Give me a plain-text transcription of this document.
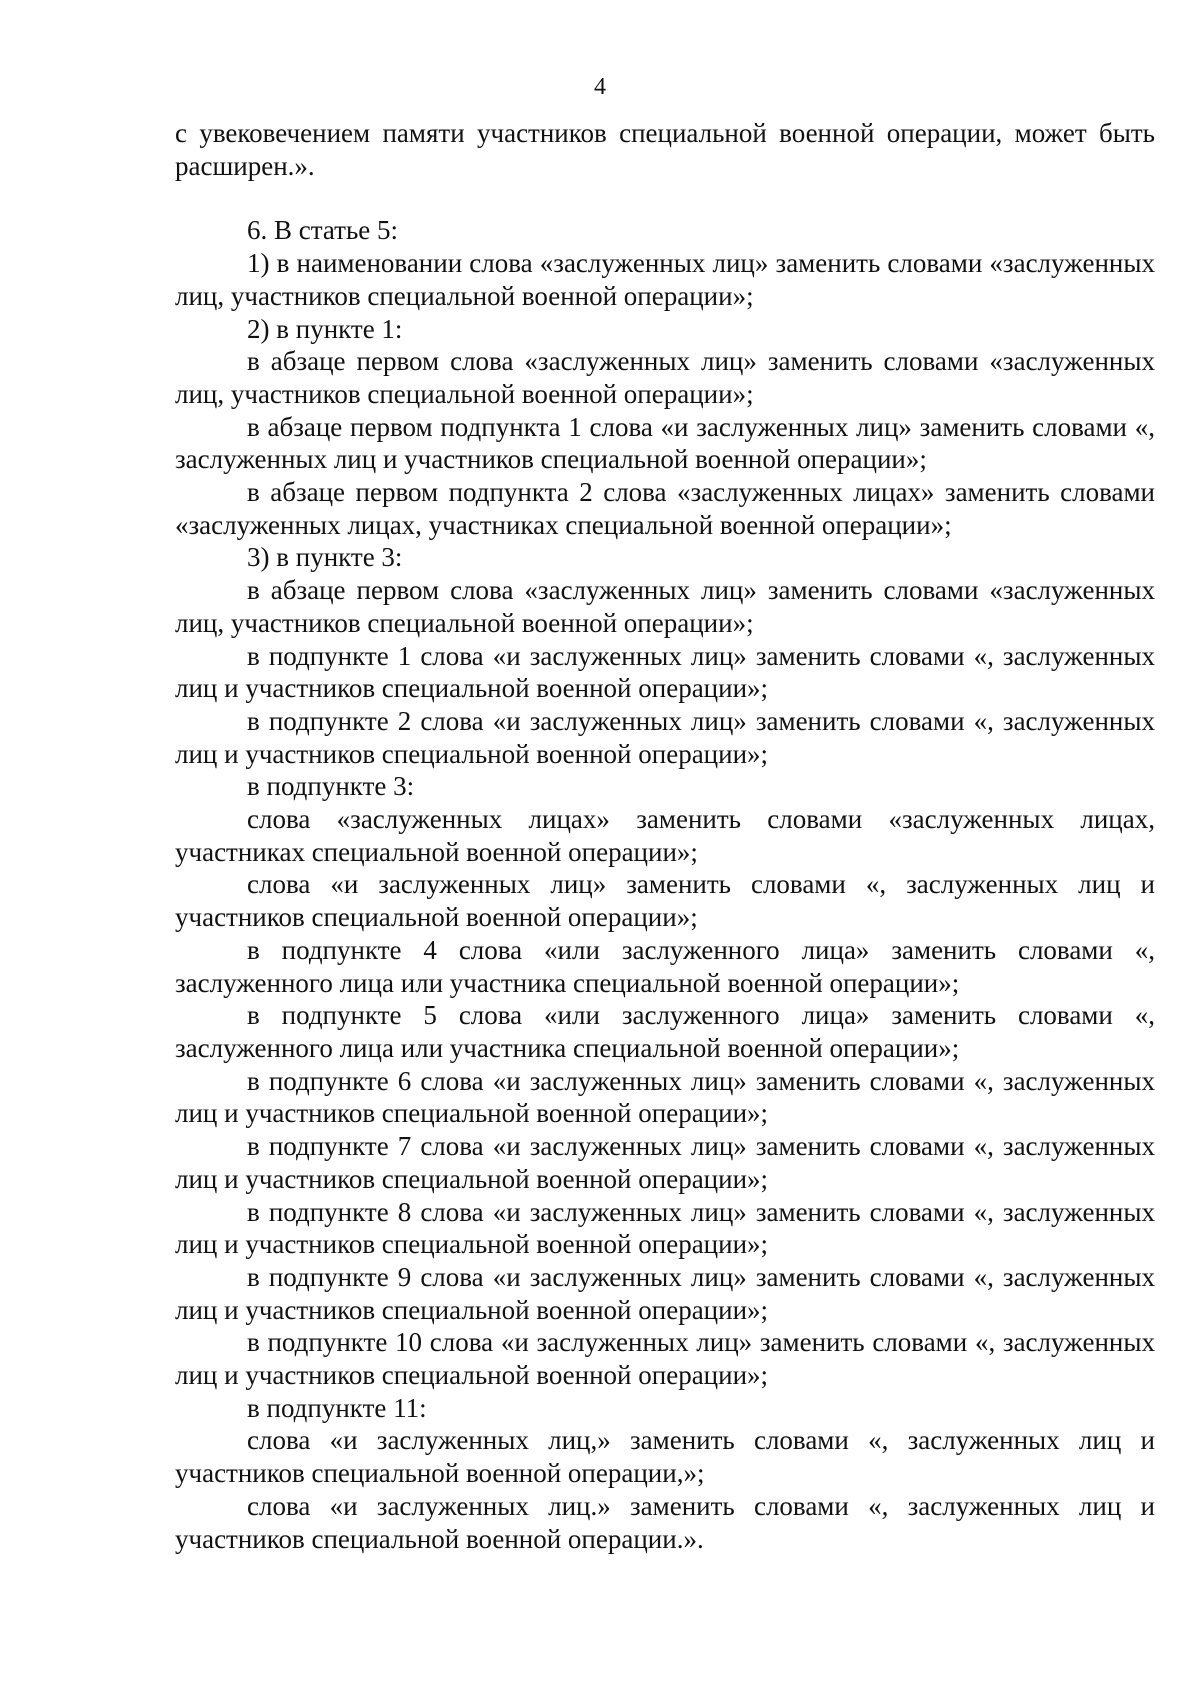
4

с увековечением памяти участников специальной военной операции, может быть расширен.».

6. В статье 5:

1) в наименовании слова «заслуженных лиц» заменить словами «заслуженных лиц, участников специальной военной операции»;

2) в пункте 1:

в абзаце первом слова «заслуженных лиц» заменить словами «заслуженных лиц, участников специальной военной операции»;

в абзаце первом подпункта 1 слова «и заслуженных лиц» заменить словами «, заслуженных лиц и участников специальной военной операции»;

в абзаце первом подпункта 2 слова «заслуженных лицах» заменить словами «заслуженных лицах, участниках специальной военной операции»;

3) в пункте 3:

в абзаце первом слова «заслуженных лиц» заменить словами «заслуженных лиц, участников специальной военной операции»;

в подпункте 1 слова «и заслуженных лиц» заменить словами «, заслуженных лиц и участников специальной военной операции»;

в подпункте 2 слова «и заслуженных лиц» заменить словами «, заслуженных лиц и участников специальной военной операции»;

в подпункте 3:

слова «заслуженных лицах» заменить словами «заслуженных лицах, участниках специальной военной операции»;

слова «и заслуженных лиц» заменить словами «, заслуженных лиц и участников специальной военной операции»;

в подпункте 4 слова «или заслуженного лица» заменить словами «, заслуженного лица или участника специальной военной операции»;

в подпункте 5 слова «или заслуженного лица» заменить словами «, заслуженного лица или участника специальной военной операции»;

в подпункте 6 слова «и заслуженных лиц» заменить словами «, заслуженных лиц и участников специальной военной операции»;

в подпункте 7 слова «и заслуженных лиц» заменить словами «, заслуженных лиц и участников специальной военной операции»;

в подпункте 8 слова «и заслуженных лиц» заменить словами «, заслуженных лиц и участников специальной военной операции»;

в подпункте 9 слова «и заслуженных лиц» заменить словами «, заслуженных лиц и участников специальной военной операции»;

в подпункте 10 слова «и заслуженных лиц» заменить словами «, заслуженных лиц и участников специальной военной операции»;

в подпункте 11:

слова «и заслуженных лиц,» заменить словами «, заслуженных лиц и участников специальной военной операции,»;

слова «и заслуженных лиц.» заменить словами «, заслуженных лиц и участников специальной военной операции.».
